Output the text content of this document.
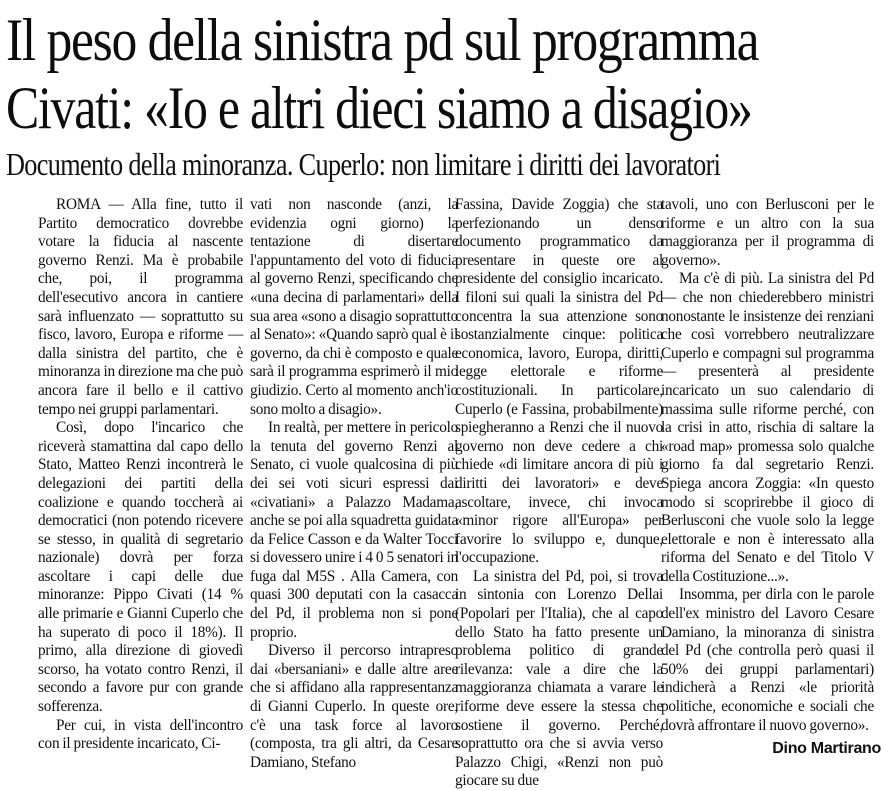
Il peso della sinistra pd sul programma
Civati: «Io e altri dieci siamo a disagio»
Documento della minoranza. Cuperlo: non limitare i diritti dei lavoratori

ROMA — Alla fine, tutto il Partito democratico dovrebbe votare la fiducia al nascente governo Renzi. Ma è probabile che, poi, il programma dell'esecutivo ancora in cantiere sarà influenzato — soprattutto su fisco, lavoro, Europa e riforme — dalla sinistra del partito, che è minoranza in direzione ma che può ancora fare il bello e il cattivo tempo nei gruppi parlamentari.

Così, dopo l'incarico che riceverà stamattina dal capo dello Stato, Matteo Renzi incontrerà le delegazioni dei partiti della coalizione e quando toccherà ai democratici (non potendo ricevere se stesso, in qualità di segretario nazionale) dovrà per forza ascoltare i capi delle due minoranze: Pippo Civati (14 % alle primarie e Gianni Cuperlo che ha superato di poco il 18%). Il primo, alla direzione di giovedì scorso, ha votato contro Renzi, il secondo a favore pur con grande sofferenza.

Per cui, in vista dell'incontro con il presidente incaricato, Ci-

vati non nasconde (anzi, la evidenzia ogni giorno) la tentazione di disertare l'appuntamento del voto di fiducia al governo Renzi, specificando che «una decina di parlamentari» della sua area «sono a disagio soprattutto al Senato»: «Quando saprò qual è il governo, da chi è composto e quale sarà il programma esprimerò il mio giudizio. Certo al momento anch'io sono molto a disagio».

In realtà, per mettere in pericolo la tenuta del governo Renzi al Senato, ci vuole qualcosina di più dei sei voti sicuri espressi dai «civatiani» a Palazzo Madama, anche se poi alla squadretta guidata da Felice Casson e da Walter Tocci si dovessero unire i 4 0 5 senatori in fuga dal M5S . Alla Camera, con quasi 300 deputati con la casacca del Pd, il problema non si pone proprio.

Diverso il percorso intrapreso dai «bersaniani» e dalle altre aree che si affidano alla rappresentanza di Gianni Cuperlo. In queste ore, c'è una task force al lavoro (composta, tra gli altri, da Cesare Damiano, Stefano

Fassina, Davide Zoggia) che sta perfezionando un denso documento programmatico da presentare in queste ore al presidente del consiglio incaricato. I filoni sui quali la sinistra del Pd concentra la sua attenzione sono sostanzialmente cinque: politica economica, lavoro, Europa, diritti, legge elettorale e riforme costituzionali. In particolare, Cuperlo (e Fassina, probabilmente) spiegheranno a Renzi che il nuovo governo non deve cedere a chi chiede «di limitare ancora di più i diritti dei lavoratori» e deve ascoltare, invece, chi invoca «minor rigore all'Europa» per favorire lo sviluppo e, dunque, l'occupazione.

La sinistra del Pd, poi, si trova in sintonia con Lorenzo Dellai (Popolari per l'Italia), che al capo dello Stato ha fatto presente un problema politico di grande rilevanza: vale a dire che la maggioranza chiamata a varare le riforme deve essere la stessa che sostiene il governo. Perché, soprattutto ora che si avvia verso Palazzo Chigi, «Renzi non può giocare su due

tavoli, uno con Berlusconi per le riforme e un altro con la sua maggioranza per il programma di governo».

Ma c'è di più. La sinistra del Pd — che non chiederebbero ministri nonostante le insistenze dei renziani che così vorrebbero neutralizzare Cuperlo e compagni sul programma — presenterà al presidente incaricato un suo calendario di massima sulle riforme perché, con la crisi in atto, rischia di saltare la «road map» promessa solo qualche giorno fa dal segretario Renzi. Spiega ancora Zoggia: «In questo modo si scoprirebbe il gioco di Berlusconi che vuole solo la legge elettorale e non è interessato alla riforma del Senato e del Titolo V della Costituzione...».

Insomma, per dirla con le parole dell'ex ministro del Lavoro Cesare Damiano, la minoranza di sinistra del Pd (che controlla però quasi il 50% dei gruppi parlamentari) indicherà a Renzi «le priorità politiche, economiche e sociali che dovrà affrontare il nuovo governo».

Dino Martirano
